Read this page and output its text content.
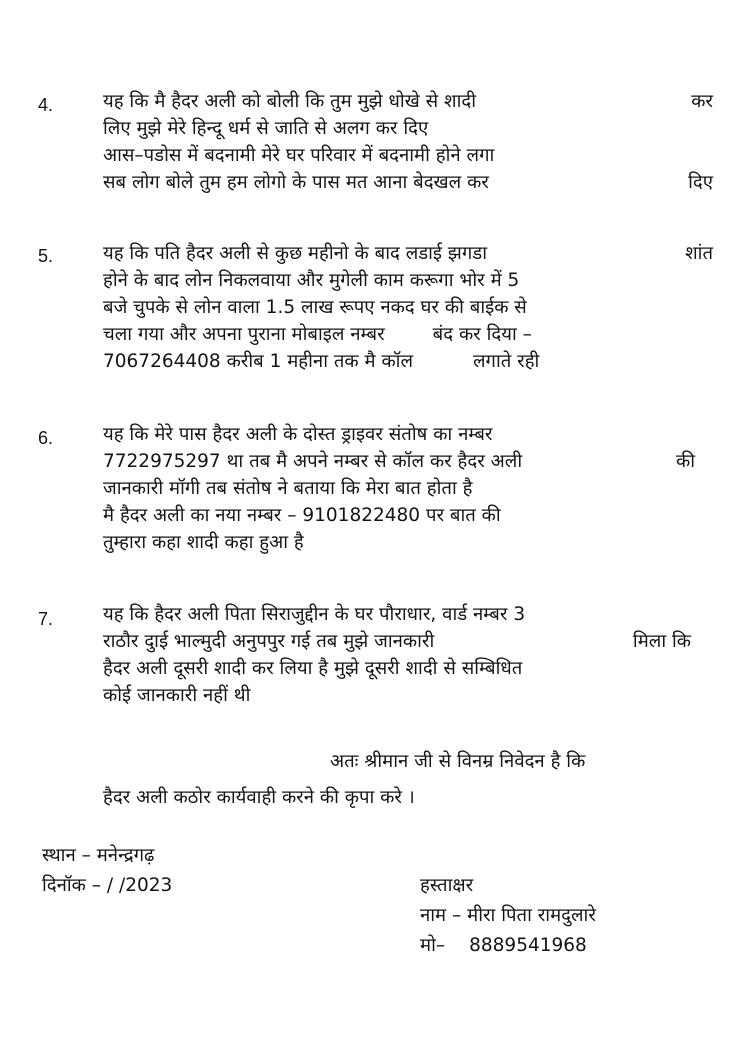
4.	यह कि मै हैदर अली को बोली कि तुम मुझे धोखे से शादी	कर
लिए मुझे मेरे हिन्दू धर्म से जाति से अलग कर दिए
आस–पडोस में बदनामी मेरे घर परिवार में बदनामी होने लगा
सब लोग बोले तुम हम लोगो के पास मत आना बेदखल कर	दिए
5.	यह कि पति हैदर अली से कुछ महीनो के बाद लडाई झगडा	शांत
होने के बाद लोन निकलवाया और मुगेली काम करूगा भोर में 5
बजे चुपके से लोन वाला 1.5 लाख रूपए नकद घर की बाईक से
चला गया और अपना पुराना मोबाइल नम्बर	बंद कर दिया –
7067264408 करीब 1 महीना तक मै कॉल	लगाते रही
6.	यह कि मेरे पास हैदर अली के दोस्त ड्राइवर संतोष का नम्बर
7722975297 था तब मै अपने नम्बर से कॉल कर हैदर अली	की
जानकारी मॉगी तब संतोष ने बताया कि मेरा बात होता है
मै हैदर अली का नया नम्बर – 9101822480 पर बात की
तुम्हारा कहा शादी कहा हुआ है
7.	यह कि हैदर अली पिता सिराजुद्दीन के घर पौराधार, वार्ड नम्बर 3
राठौर दुाई भाल्मुदी अनुपपुर गई तब मुझे जानकारी	मिला कि
हैदर अली दूसरी शादी कर लिया है मुझे दूसरी शादी से सम्बिधित
कोई जानकारी नहीं थी
अतः श्रीमान जी से विनम्र निवेदन है कि
हैदर अली कठोर कार्यवाही करने की कृपा करे ।
स्थान – मनेन्द्रगढ़
दिनॉक – / /2023	हस्ताक्षर
नाम – मीरा पिता रामदुलारे
मो– 8889541968
